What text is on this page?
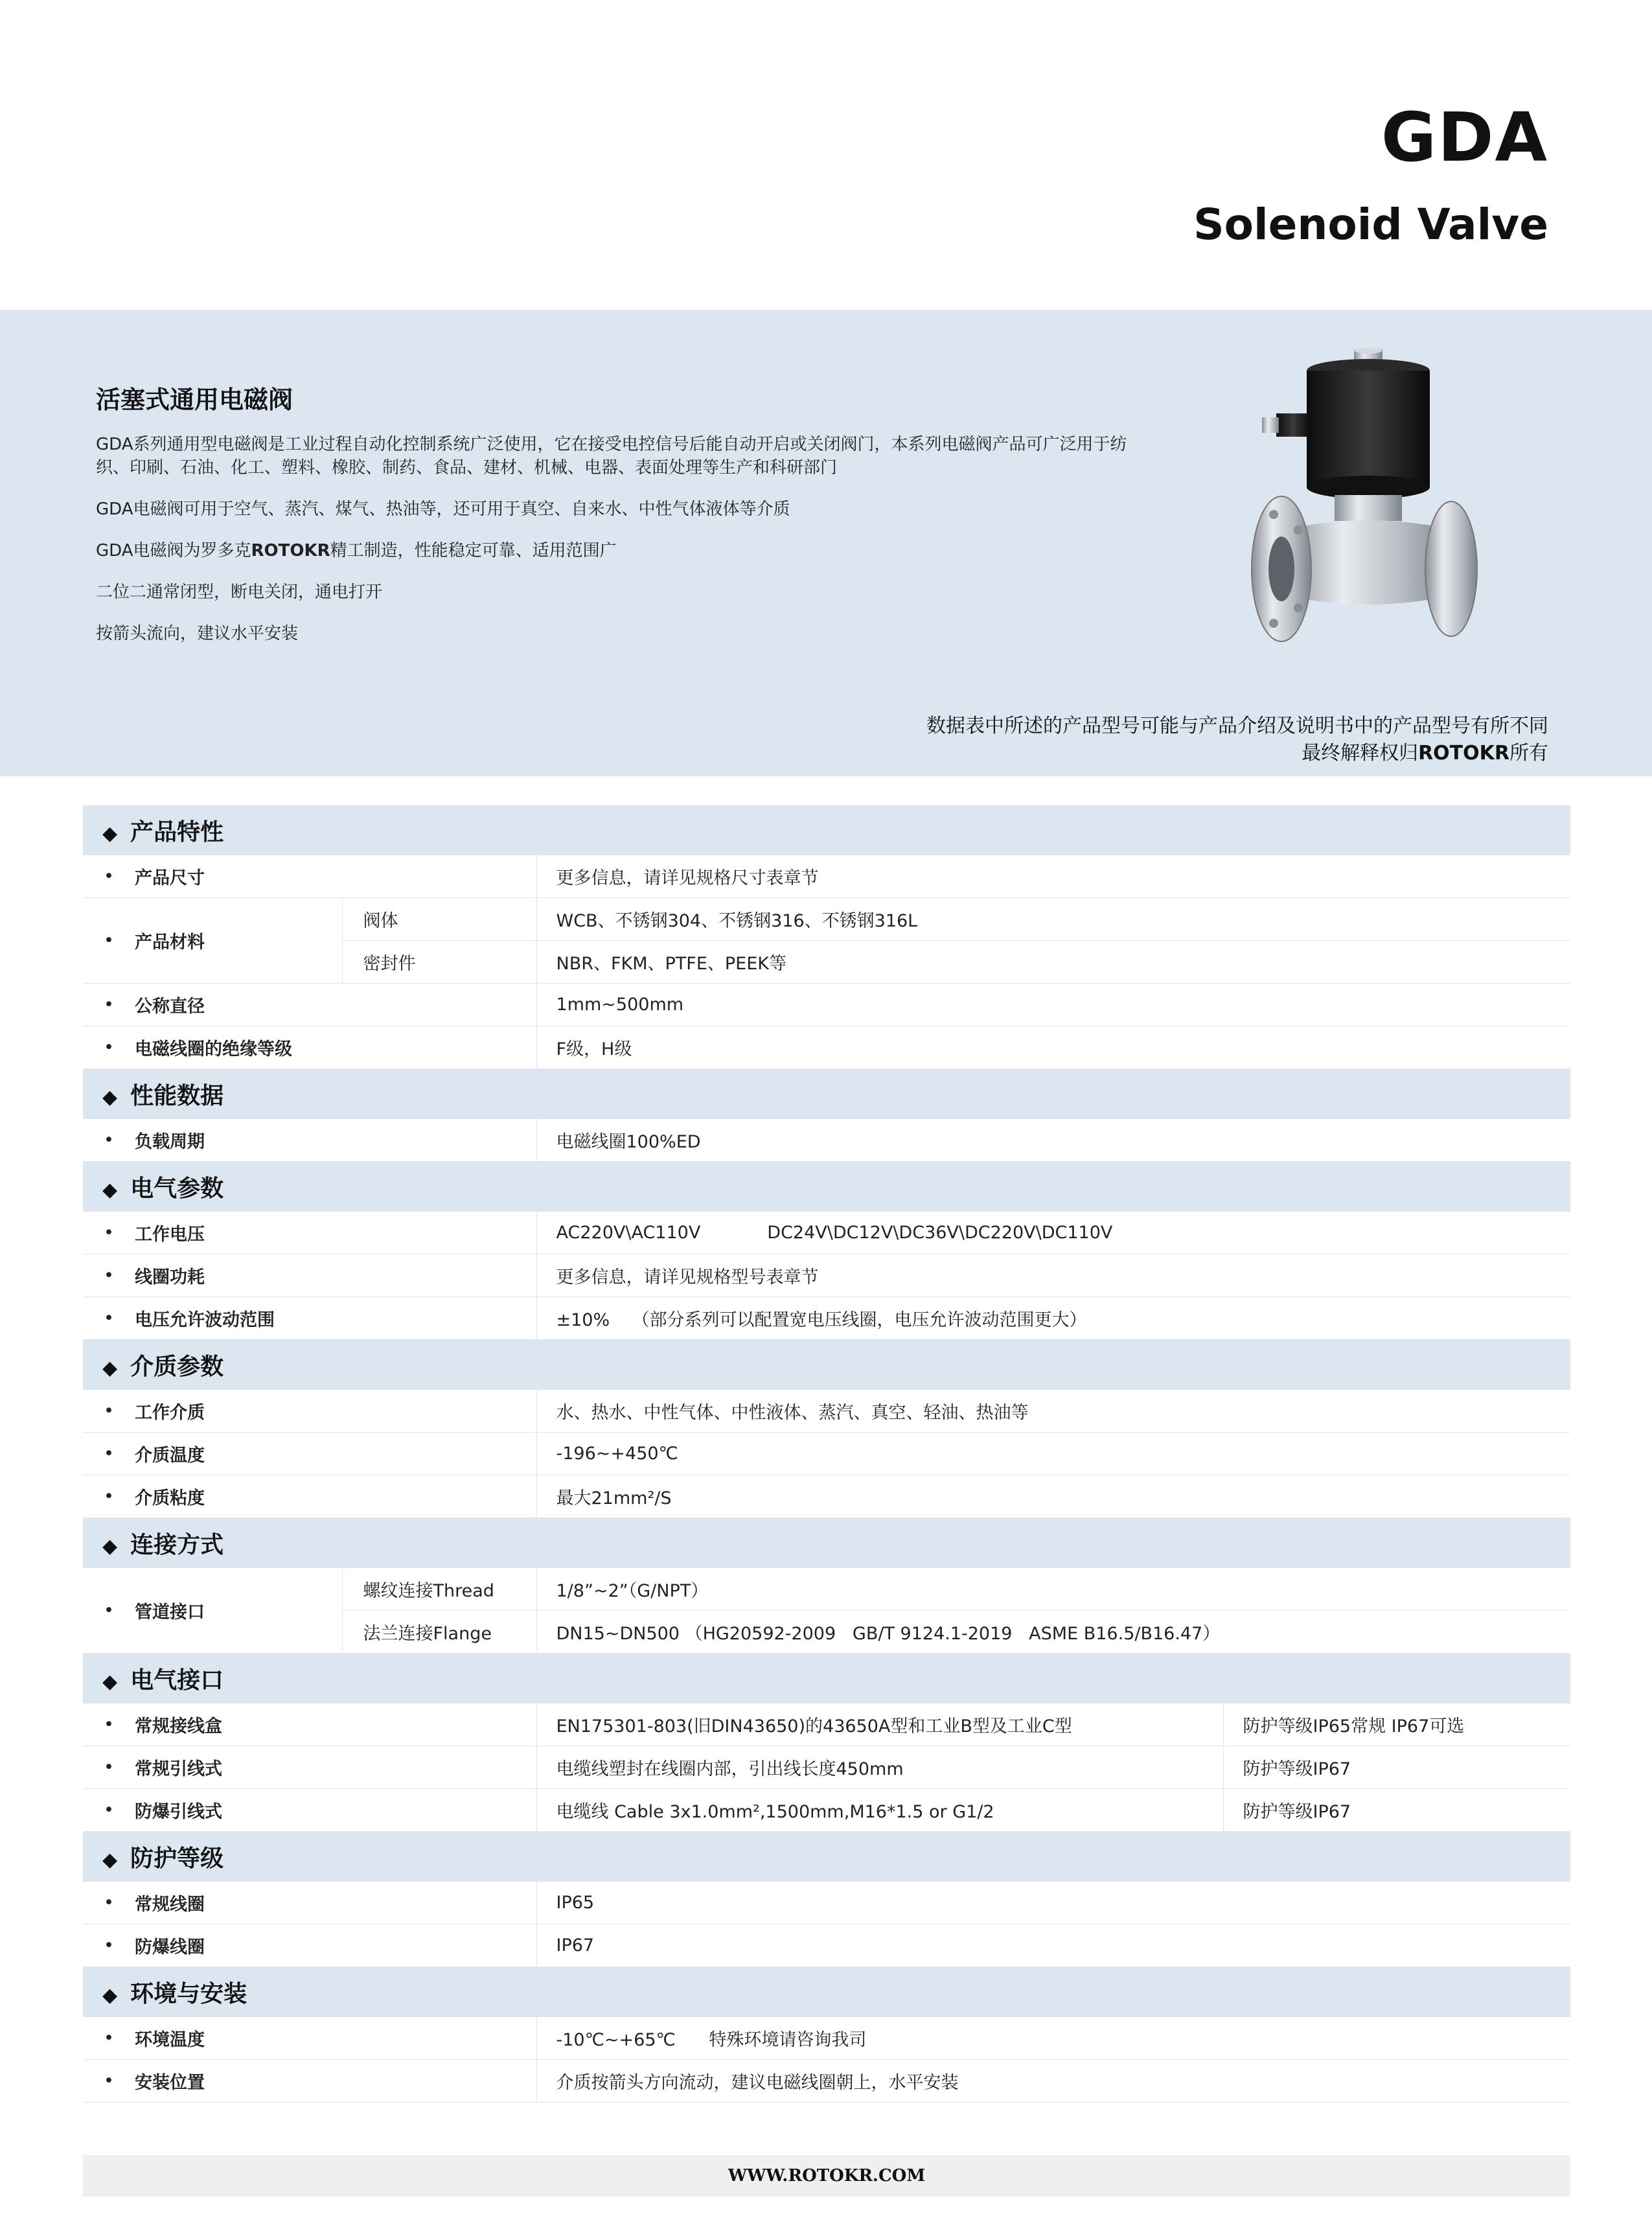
GDA
Solenoid Valve
活塞式通用电磁阀

GDA系列通用型电磁阀是工业过程自动化控制系统广泛使用，它在接受电控信号后能自动开启或关闭阀门，本系列电磁阀产品可广泛用于纺织、印刷、石油、化工、塑料、橡胶、制药、食品、建材、机械、电器、表面处理等生产和科研部门

GDA电磁阀可用于空气、蒸汽、煤气、热油等，还可用于真空、自来水、中性气体液体等介质

GDA电磁阀为罗多克ROTOKR精工制造，性能稳定可靠、适用范围广

二位二通常闭型，断电关闭，通电打开

按箭头流向，建议水平安装

数据表中所述的产品型号可能与产品介绍及说明书中的产品型号有所不同
最终解释权归ROTOKR所有
◆ 产品特性				
•	产品尺寸		更多信息，请详见规格尺寸表章节	
•	产品材料	阀体	WCB、不锈钢304、不锈钢316、不锈钢316L	
		密封件	NBR、FKM、PTFE、PEEK等	
•	公称直径		1mm~500mm	
•	电磁线圈的绝缘等级		F级，H级	
◆ 性能数据				
•	负载周期		电磁线圈100%ED	
◆ 电气参数				
•	工作电压		AC220V\AC110V            DC24V\DC12V\DC36V\DC220V\DC110V	
•	线圈功耗		更多信息，请详见规格型号表章节	
•	电压允许波动范围		±10%    （部分系列可以配置宽电压线圈，电压允许波动范围更大）	
◆ 介质参数				
•	工作介质		水、热水、中性气体、中性液体、蒸汽、真空、轻油、热油等	
•	介质温度		-196~+450℃	
•	介质粘度		最大21mm²/S	
◆ 连接方式				
•	管道接口	螺纹连接Thread	1/8”~2”（G/NPT）	
		法兰连接Flange	DN15~DN500 （HG20592-2009   GB/T 9124.1-2019   ASME B16.5/B16.47）	
◆ 电气接口				
•	常规接线盒		EN175301-803(旧DIN43650)的43650A型和工业B型及工业C型	防护等级IP65常规 IP67可选
•	常规引线式		电缆线塑封在线圈内部，引出线长度450mm	防护等级IP67
•	防爆引线式		电缆线 Cable 3x1.0mm²,1500mm,M16*1.5 or G1/2	防护等级IP67
◆ 防护等级				
•	常规线圈		IP65	
•	防爆线圈		IP67	
◆ 环境与安装				
•	环境温度		-10℃~+65℃      特殊环境请咨询我司	
•	安装位置		介质按箭头方向流动，建议电磁线圈朝上，水平安装	
WWW.ROTOKR.COM
